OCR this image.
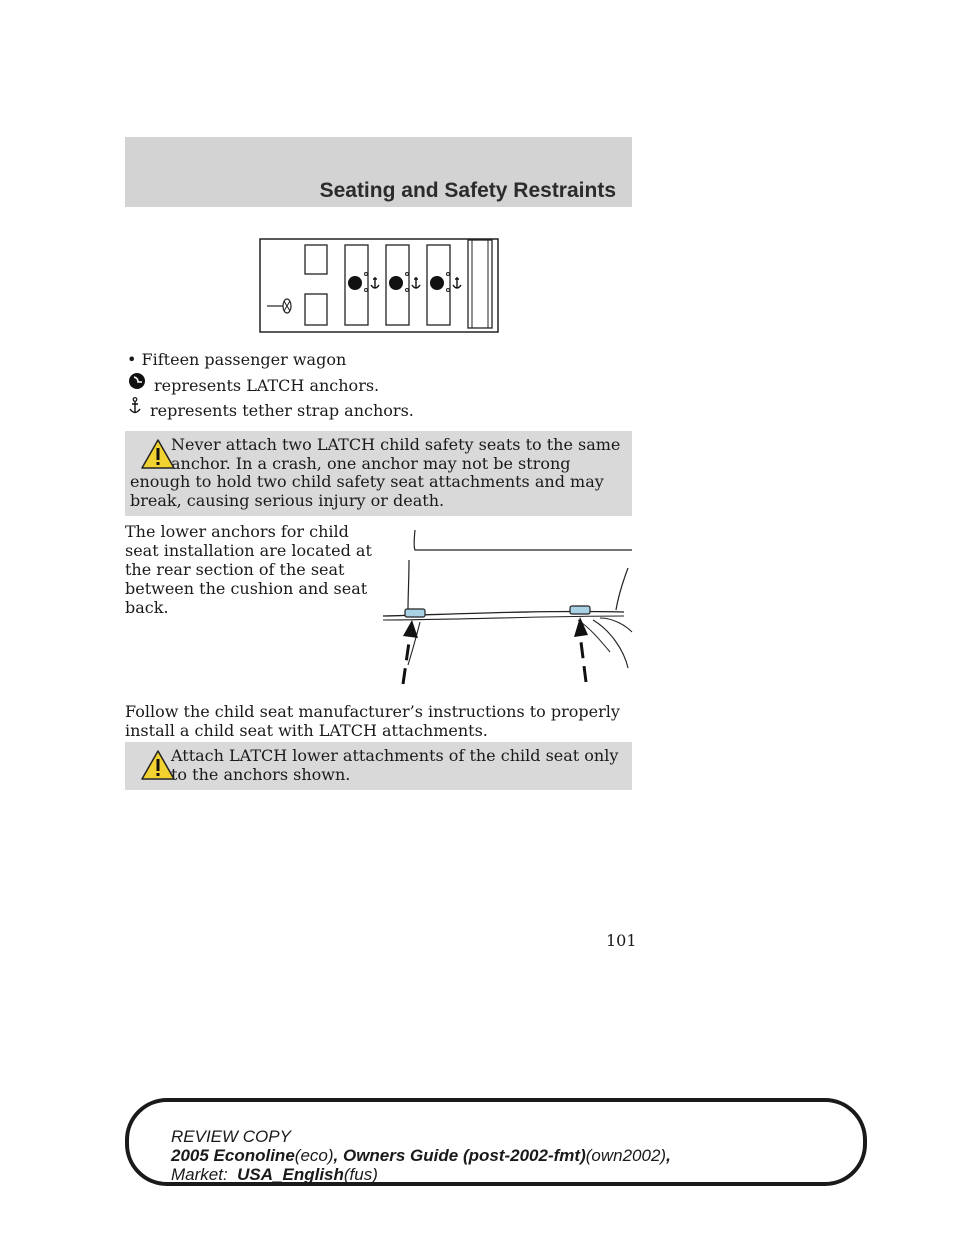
Seating and Safety Restraints
• Fifteen passenger wagon
represents LATCH anchors.
represents tether strap anchors.
Never attach two LATCH child safety seats to the same anchor. In a crash, one anchor may not be strong enough to hold two child safety seat attachments and may break, causing serious injury or death.
The lower anchors for child seat installation are located at the rear section of the seat between the cushion and seat back.
Follow the child seat manufacturer’s instructions to properly install a child seat with LATCH attachments.
Attach LATCH lower attachments of the child seat only to the anchors shown.
101
REVIEW COPY
2005 Econoline(eco), Owners Guide (post-2002-fmt)(own2002),
Market: USA_English(fus)
